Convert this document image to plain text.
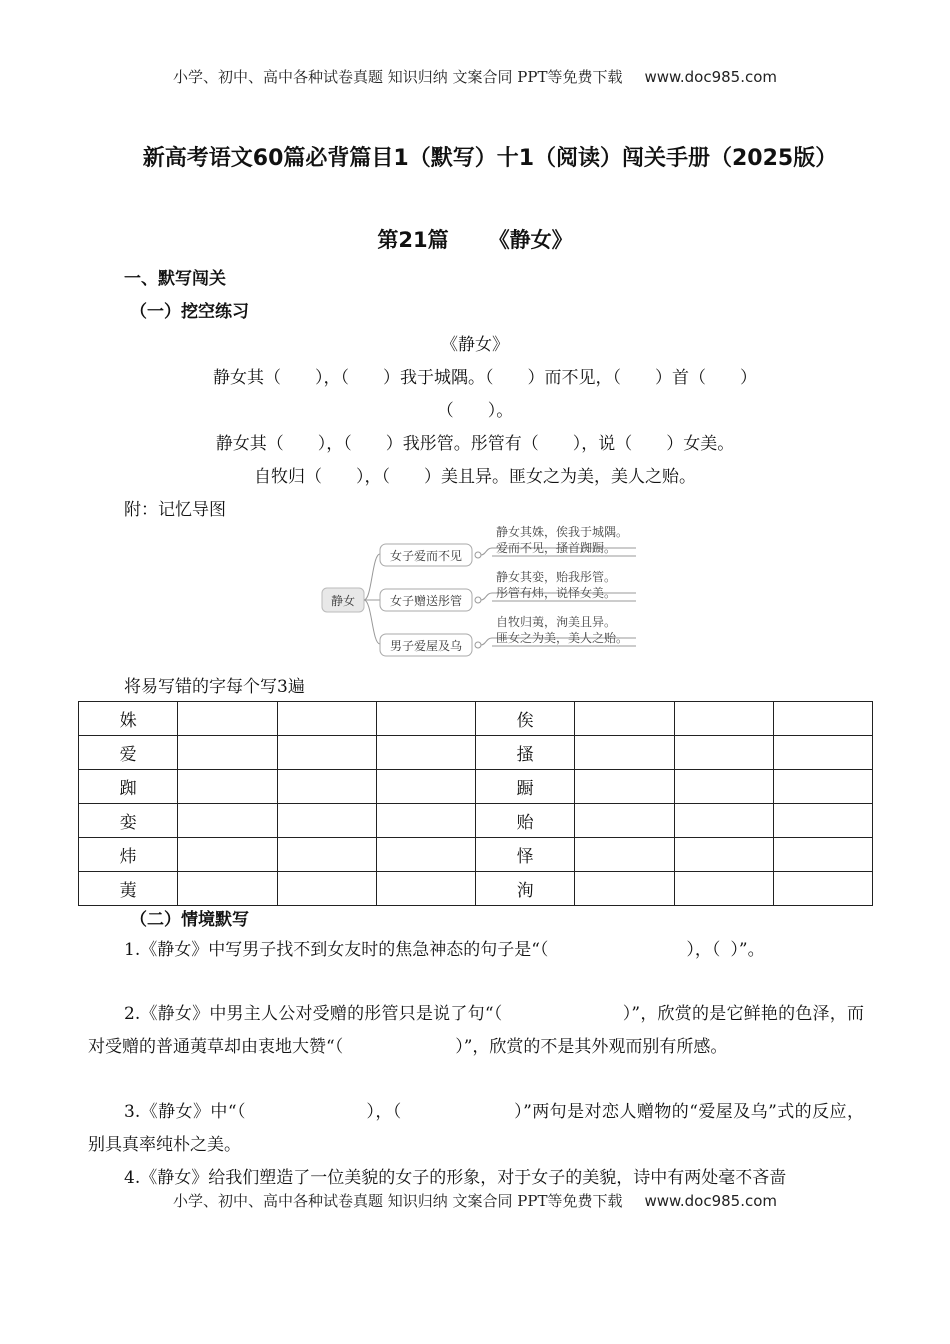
小学、初中、高中各种试卷真题 知识归纳 文案合同 PPT等免费下载 www.doc985.com
新高考语文60篇必背篇目1（默写）十1（阅读）闯关手册（2025版）
第21篇 《静女》
一、默写闯关
（一）挖空练习
《静女》
静女其（　　），（　　）我于城隅。（　　）而不见，（　　）首（　　）
（　　）。
静女其（　　），（　　）我彤管。彤管有（　　），说（　　）女美。
自牧归（　　），（　　）美且异。匪女之为美，美人之贻。
附：记忆导图
静女
女子爱而不见
女子赠送彤管
男子爱屋及乌
静女其姝，俟我于城隅。
爱而不见，搔首踟蹰。
静女其娈，贻我彤管。
彤管有炜，说怿女美。
自牧归荑，洵美且异。
匪女之为美，美人之贻。
将易写错的字每个写3遍
姝				俟			
爱				搔			
踟				蹰			
娈				贻			
炜				怿			
荑				洵			
（二）情境默写
1.《静女》中写男子找不到女友时的焦急神态的句子是“（	），（ ）”。
2.《静女》中男主人公对受赠的彤管只是说了句“（	）”，欣赏的是它鲜艳的色泽，而对受赠的普通荑草却由衷地大赞“（	）”，欣赏的不是其外观而别有所感。
3.《静女》中“（	），（	）”两句是对恋人赠物的“爱屋及乌”式的反应，别具真率纯朴之美。
4.《静女》给我们塑造了一位美貌的女子的形象，对于女子的美貌，诗中有两处毫不吝啬
小学、初中、高中各种试卷真题 知识归纳 文案合同 PPT等免费下载 www.doc985.com
